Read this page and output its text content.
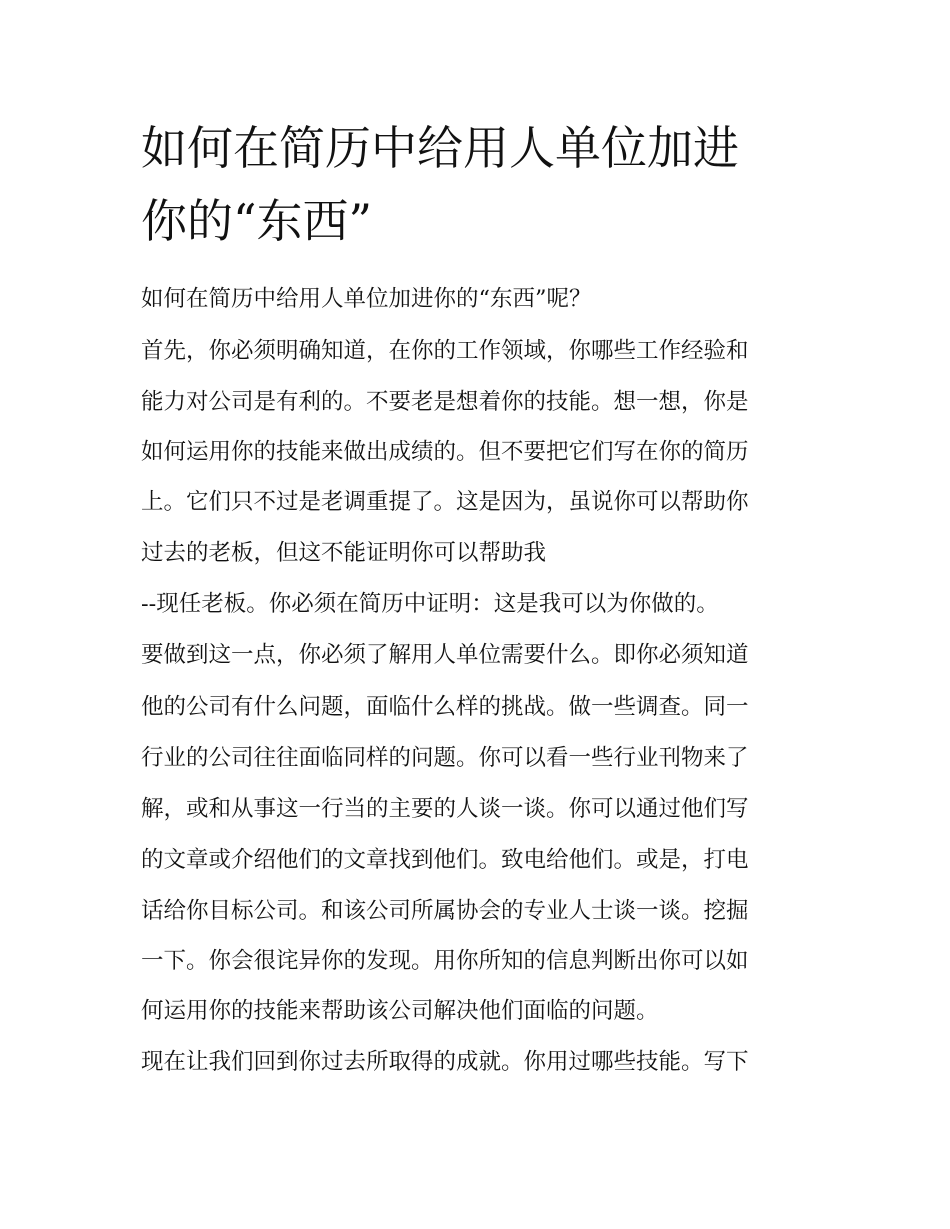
如何在简历中给用人单位加进
你的“东西”

如何在简历中给用人单位加进你的“东西”呢？

首先，你必须明确知道，在你的工作领域，你哪些工作经验和

能力对公司是有利的。不要老是想着你的技能。想一想，你是

如何运用你的技能来做出成绩的。但不要把它们写在你的简历

上。它们只不过是老调重提了。这是因为，虽说你可以帮助你

过去的老板，但这不能证明你可以帮助我

--现任老板。你必须在简历中证明：这是我可以为你做的。

要做到这一点，你必须了解用人单位需要什么。即你必须知道

他的公司有什么问题，面临什么样的挑战。做一些调查。同一

行业的公司往往面临同样的问题。你可以看一些行业刊物来了

解，或和从事这一行当的主要的人谈一谈。你可以通过他们写

的文章或介绍他们的文章找到他们。致电给他们。或是，打电

话给你目标公司。和该公司所属协会的专业人士谈一谈。挖掘

一下。你会很诧异你的发现。用你所知的信息判断出你可以如

何运用你的技能来帮助该公司解决他们面临的问题。

现在让我们回到你过去所取得的成就。你用过哪些技能。写下
